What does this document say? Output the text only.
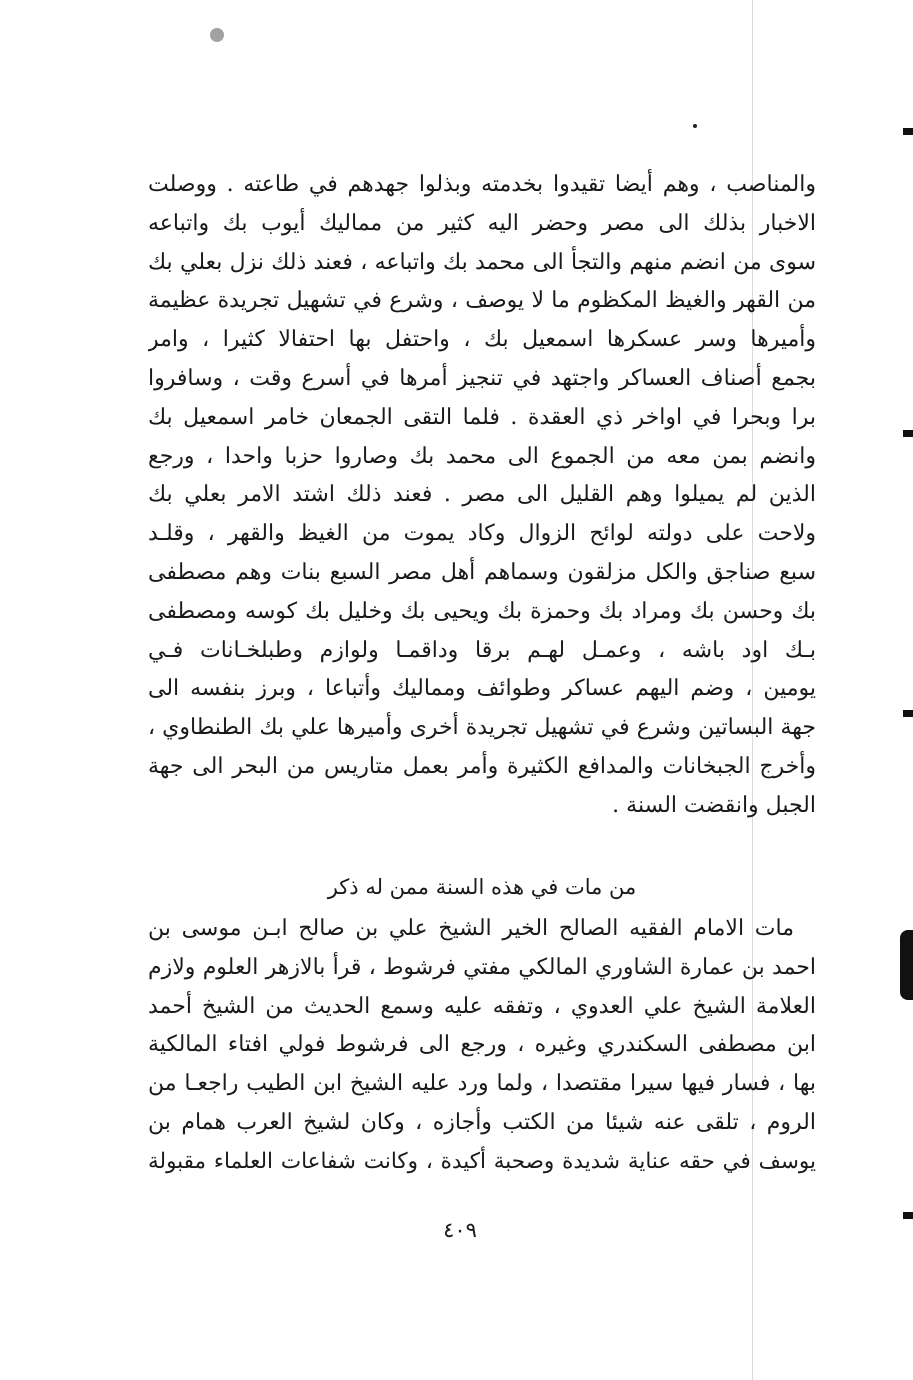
والمناصب ، وهم أيضا تقيدوا بخدمته وبذلوا جهدهم في طاعته . ووصلت
الاخبار بذلك الى مصر وحضر اليه كثير من مماليك أيوب بك واتباعه
سوى من انضم منهم والتجأ الى محمد بك واتباعه ، فعند ذلك نزل بعلي بك
من القهر والغيظ المكظوم ما لا يوصف ، وشرع في تشهيل تجريدة عظيمة
وأميرها وسر عسكرها اسمعيل بك ، واحتفل بها احتفالا كثيرا ، وامر
بجمع أصناف العساكر واجتهد في تنجيز أمرها في أسرع وقت ، وسافروا
برا وبحرا في اواخر ذي العقدة . فلما التقى الجمعان خامر اسمعيل بك
وانضم بمن معه من الجموع الى محمد بك وصاروا حزبا واحدا ، ورجع
الذين لم يميلوا وهم القليل الى مصر . فعند ذلك اشتد الامر بعلي بك
ولاحت على دولته لوائح الزوال وكاد يموت من الغيظ والقهر ، وقلـد
سبع صناجق والكل مزلقون وسماهم أهل مصر السبع بنات وهم مصطفى
بك وحسن بك ومراد بك وحمزة بك ويحيى بك وخليل بك كوسه ومصطفى
بـك اود باشه ، وعمـل لهـم برقا وداقمـا ولوازم وطبلخـانات فـي
يومين ، وضم اليهم عساكر وطوائف ومماليك وأتباعا ، وبرز بنفسه الى
جهة البساتين وشرع في تشهيل تجريدة أخرى وأميرها علي بك الطنطاوي ،
وأخرج الجبخانات والمدافع الكثيرة وأمر بعمل متاريس من البحر الى جهة
الجبل وانقضت السنة .
من مات في هذه السنة ممن له ذكر
مات الامام الفقيه الصالح الخير الشيخ علي بن صالح ابـن موسى بن
احمد بن عمارة الشاوري المالكي مفتي فرشوط ، قرأ بالازهر العلوم ولازم
العلامة الشيخ علي العدوي ، وتفقه عليه وسمع الحديث من الشيخ أحمد
ابن مصطفى السكندري وغيره ، ورجع الى فرشوط فولي افتاء المالكية
بها ، فسار فيها سيرا مقتصدا ، ولما ورد عليه الشيخ ابن الطيب راجعـا من
الروم ، تلقى عنه شيئا من الكتب وأجازه ، وكان لشيخ العرب همام بن
يوسف في حقه عناية شديدة وصحبة أكيدة ، وكانت شفاعات العلماء مقبولة
٤٠٩
